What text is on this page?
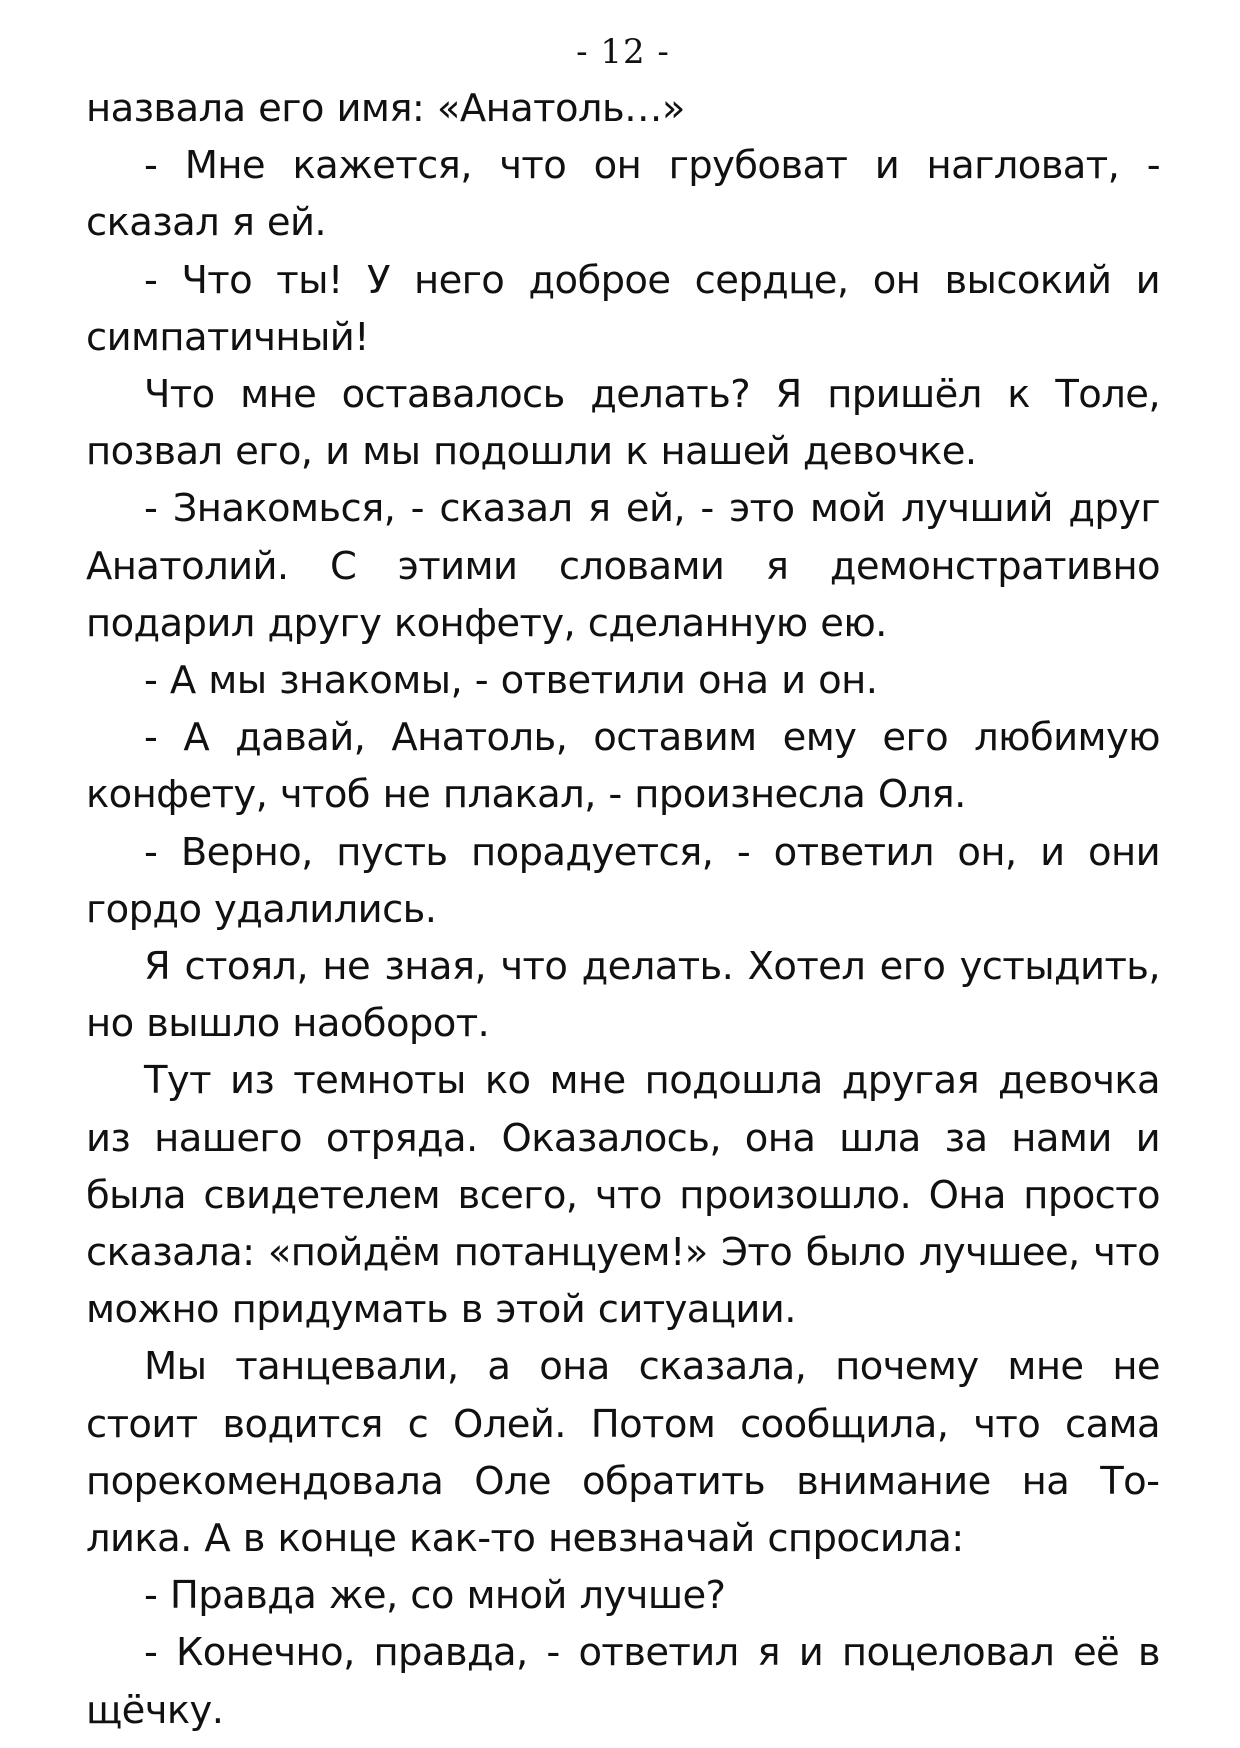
- 12 -

назвала его имя: «Анатоль…»

- Мне кажется, что он грубоват и нагловат, - сказал я ей.

- Что ты! У него доброе сердце, он высокий и симпатичный!

Что мне оставалось делать? Я пришёл к Толе, позвал его, и мы подошли к нашей девочке.

- Знакомься, - сказал я ей, - это мой лучший друг Анатолий. С этими словами я демонстративно подарил другу конфету, сделанную ею.

- А мы знакомы, - ответили она и он.

- А давай, Анатоль, оставим ему его любимую конфету, чтоб не плакал, - произнесла Оля.

- Верно, пусть порадуется, - ответил он, и они гордо удалились.

Я стоял, не зная, что делать. Хотел его устыдить, но вышло наоборот.

Тут из темноты ко мне подошла другая девочка из нашего отряда. Оказалось, она шла за нами и была свидетелем всего, что произошло. Она просто сказала: «пойдём потанцуем!» Это было лучшее, что можно придумать в этой ситуации.

Мы танцевали, а она сказала, почему мне не стоит водится с Олей. Потом сообщила, что сама порекомендовала Оле обратить внимание на Толика. А в конце как-то невзначай спросила:

- Правда же, со мной лучше?

- Конечно, правда, - ответил я и поцеловал её в щёчку.
